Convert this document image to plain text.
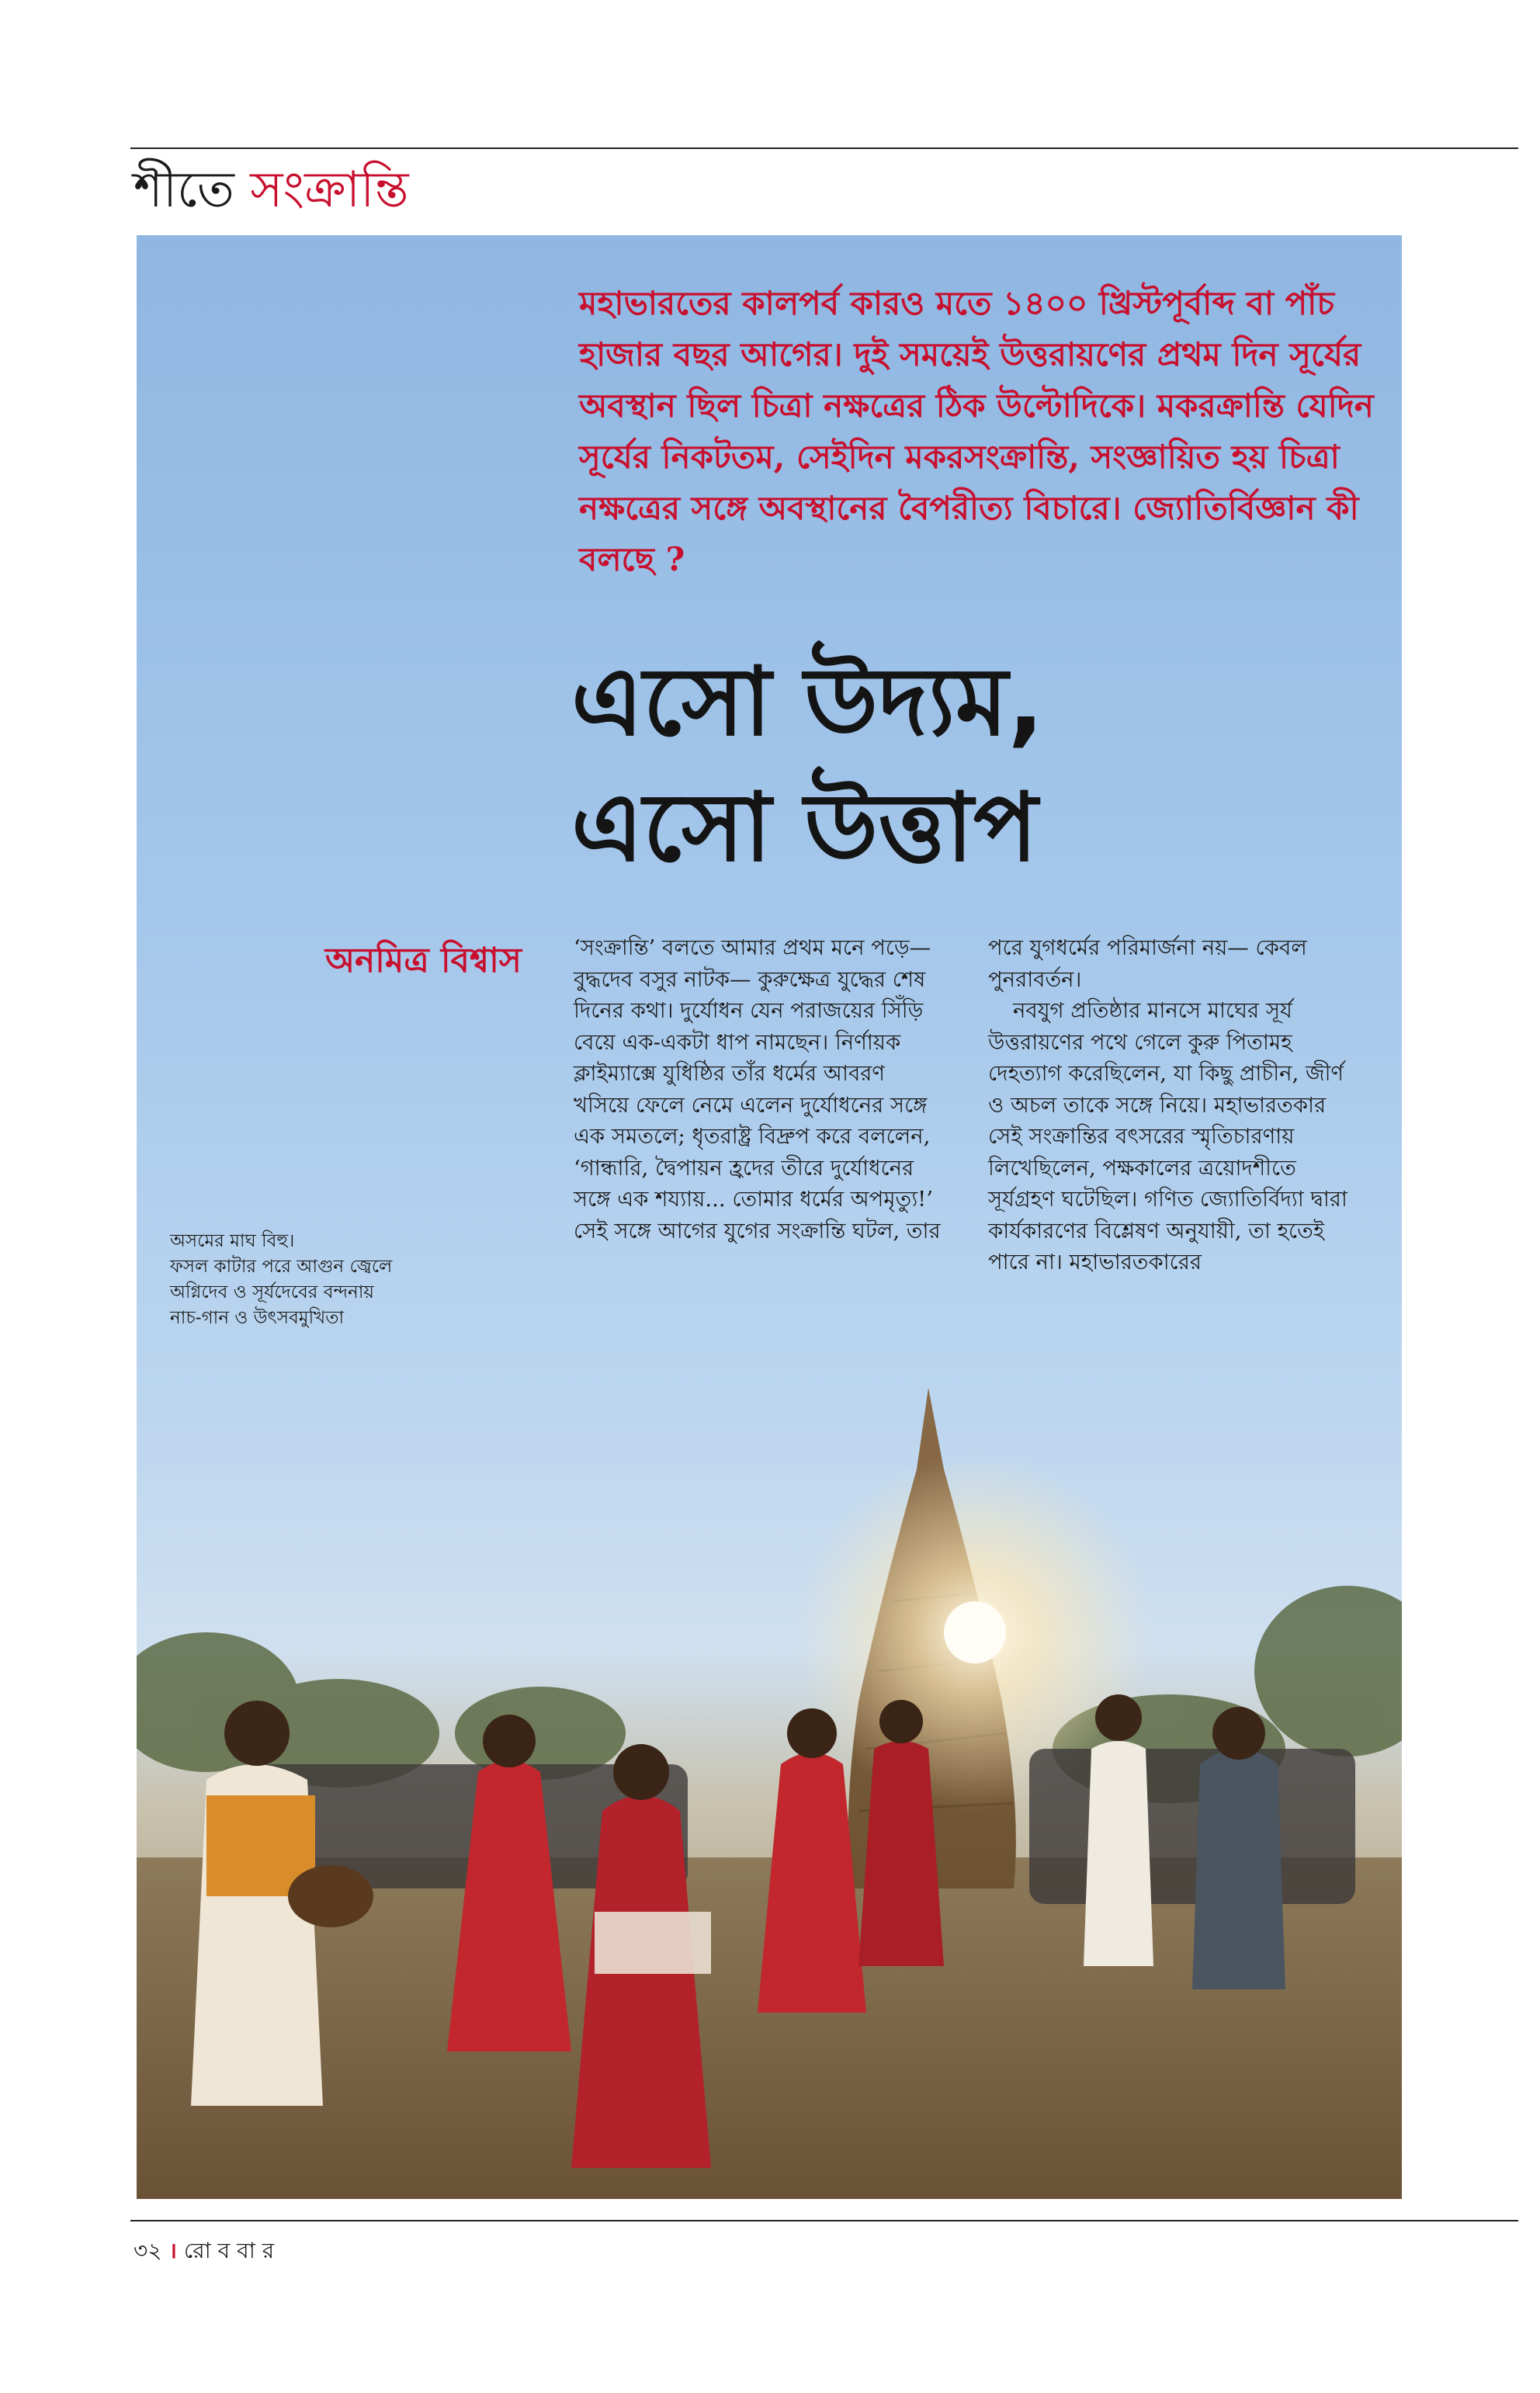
শীতে সংক্রান্তি
মহাভারতের কালপর্ব কারও মতে ১৪০০ খ্রিস্টপূর্বাব্দ বা পাঁচ হাজার বছর আগের। দুই সময়েই উত্তরায়ণের প্রথম দিন সূর্যের অবস্থান ছিল চিত্রা নক্ষত্রের ঠিক উল্টোদিকে। মকরক্রান্তি যেদিন সূর্যের নিকটতম, সেইদিন মকরসংক্রান্তি, সংজ্ঞায়িত হয় চিত্রা নক্ষত্রের সঙ্গে অবস্থানের বৈপরীত্য বিচারে। জ্যোতির্বিজ্ঞান কী বলছে ?
এসো উদ্যম,
এসো উত্তাপ
অনমিত্র বিশ্বাস ‘সংক্রান্তি’ বলতে আমার প্রথম মনে পড়ে— বুদ্ধদেব বসুর নাটক— কুরুক্ষেত্র যুদ্ধের শেষ দিনের কথা। দুর্যোধন যেন পরাজয়ের সিঁড়ি বেয়ে এক-একটা ধাপ নামছেন। নির্ণায়ক ক্লাইম্যাক্সে যুধিষ্ঠির তাঁর ধর্মের আবরণ খসিয়ে ফেলে নেমে এলেন দুর্যোধনের সঙ্গে এক সমতলে; ধৃতরাষ্ট্র বিদ্রুপ করে বললেন, ‘গান্ধারি, দ্বৈপায়ন হ্রদের তীরে দুর্যোধনের সঙ্গে এক শয্যায়... তোমার ধর্মের অপমৃত্যু!’ সেই সঙ্গে আগের যুগের সংক্রান্তি ঘটল, তার

পরে যুগধর্মের পরিমার্জনা নয়— কেবল পুনরাবর্তন।

নবযুগ প্রতিষ্ঠার মানসে মাঘের সূর্য উত্তরায়ণের পথে গেলে কুরু পিতামহ দেহত্যাগ করেছিলেন, যা কিছু প্রাচীন, জীর্ণ ও অচল তাকে সঙ্গে নিয়ে। মহাভারতকার সেই সংক্রান্তির বৎসরের স্মৃতিচারণায় লিখেছিলেন, পক্ষকালের ত্রয়োদশীতে সূর্যগ্রহণ ঘটেছিল। গণিত জ্যোতির্বিদ্যা দ্বারা কার্যকারণের বিশ্লেষণ অনুযায়ী, তা হতেই পারে না। মহাভারতকারের

অসমের মাঘ বিহু।
ফসল কাটার পরে আগুন জ্বেলে
অগ্নিদেব ও সূর্যদেবের বন্দনায়
নাচ-গান ও উৎসবমুখিতা
৩২ । রো ব বা র
